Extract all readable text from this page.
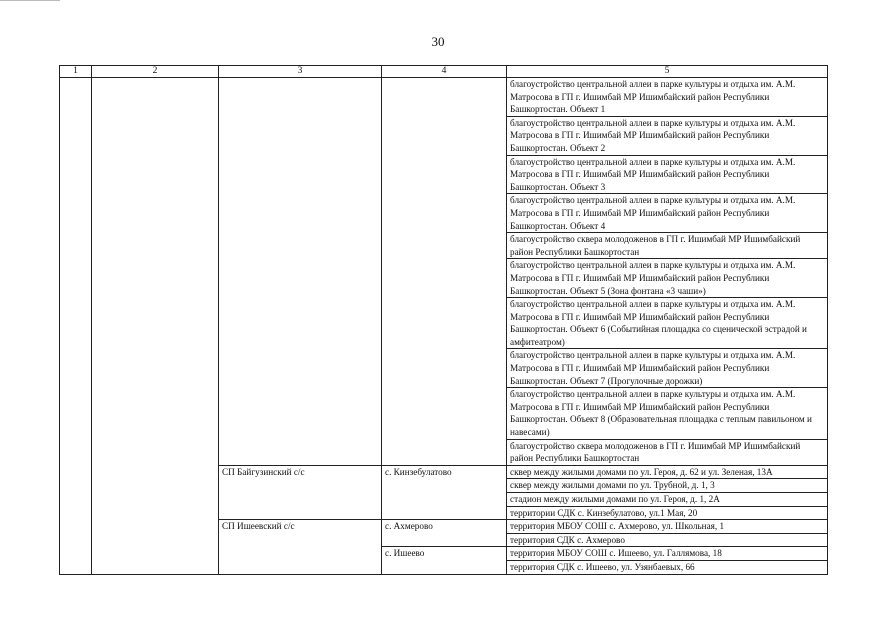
30
1	2	3	4	5
				благоустройство центральной аллеи в парке культуры и отдыха им. А.М. Матросова в ГП г. Ишимбай МР Ишимбайский район Республики Башкортостан. Объект 1
				благоустройство центральной аллеи в парке культуры и отдыха им. А.М. Матросова в ГП г. Ишимбай МР Ишимбайский район Республики Башкортостан. Объект 2
				благоустройство центральной аллеи в парке культуры и отдыха им. А.М. Матросова в ГП г. Ишимбай МР Ишимбайский район Республики Башкортостан. Объект 3
				благоустройство центральной аллеи в парке культуры и отдыха им. А.М. Матросова в ГП г. Ишимбай МР Ишимбайский район Республики Башкортостан. Объект 4
				благоустройство сквера молодоженов в ГП г. Ишимбай МР Ишимбайский район Республики Башкортостан
				благоустройство центральной аллеи в парке культуры и отдыха им. А.М. Матросова в ГП г. Ишимбай МР Ишимбайский район Республики Башкортостан. Объект 5 (Зона фонтана «3 чаши»)
				благоустройство центральной аллеи в парке культуры и отдыха им. А.М. Матросова в ГП г. Ишимбай МР Ишимбайский район Республики Башкортостан. Объект 6 (Событийная площадка со сценической эстрадой и амфитеатром)
				благоустройство центральной аллеи в парке культуры и отдыха им. А.М. Матросова в ГП г. Ишимбай МР Ишимбайский район Республики Башкортостан. Объект 7 (Прогулочные дорожки)
				благоустройство центральной аллеи в парке культуры и отдыха им. А.М. Матросова в ГП г. Ишимбай МР Ишимбайский район Республики Башкортостан. Объект 8 (Образовательная площадка с теплым павильоном и навесами)
				благоустройство сквера молодоженов в ГП г. Ишимбай МР Ишимбайский район Республики Башкортостан
		СП Байгузинский с/с	с. Кинзебулатово	сквер между жилыми домами по ул. Героя, д. 62 и ул. Зеленая, 13А
				сквер между жилыми домами по ул. Трубной, д. 1, 3
				стадион между жилыми домами по ул. Героя, д. 1, 2А
				территории СДК с. Кинзебулатово, ул.1 Мая, 20
		СП Ишеевский с/с	с. Ахмерово	территория МБОУ СОШ с. Ахмерово, ул. Школьная, 1
				территория СДК с. Ахмерово
			с. Ишеево	территория МБОУ СОШ с. Ишеево, ул. Галлямова, 18
				территория СДК с. Ишеево, ул. Узянбаевых, 66
